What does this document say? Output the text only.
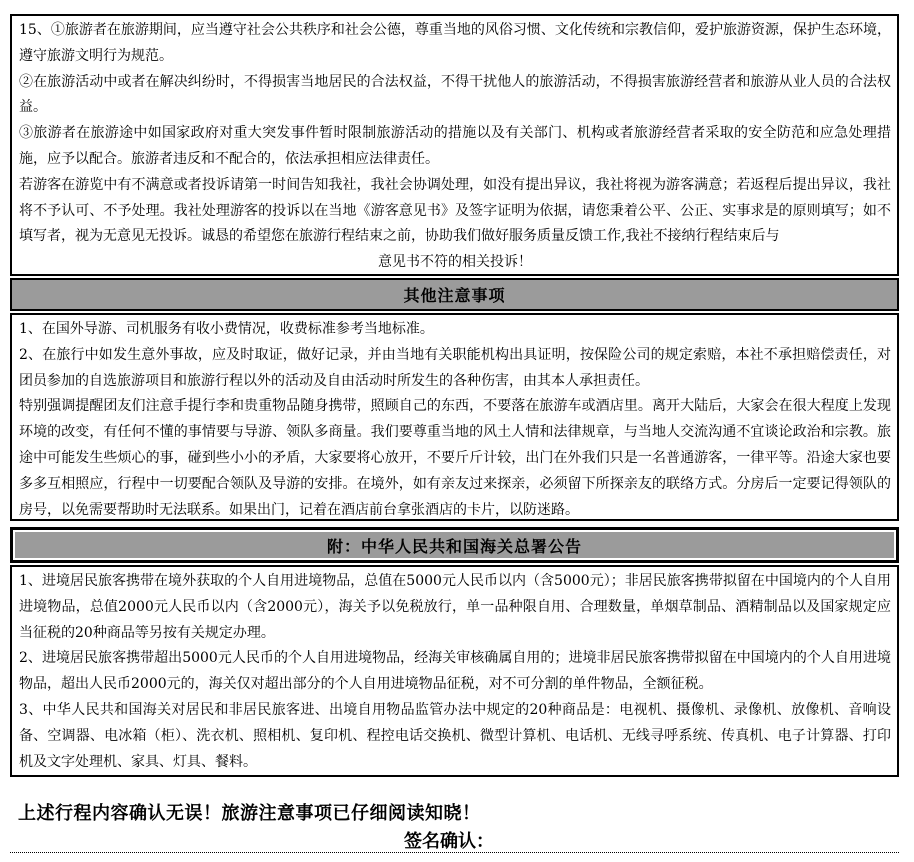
15、①旅游者在旅游期间，应当遵守社会公共秩序和社会公德，尊重当地的风俗习惯、文化传统和宗教信仰，爱护旅游资源，保护生态环境，遵守旅游文明行为规范。

②在旅游活动中或者在解决纠纷时，不得损害当地居民的合法权益，不得干扰他人的旅游活动，不得损害旅游经营者和旅游从业人员的合法权益。

③旅游者在旅游途中如国家政府对重大突发事件暂时限制旅游活动的措施以及有关部门、机构或者旅游经营者采取的安全防范和应急处理措施，应予以配合。旅游者违反和不配合的，依法承担相应法律责任。

若游客在游览中有不满意或者投诉请第一时间告知我社，我社会协调处理，如没有提出异议，我社将视为游客满意；若返程后提出异议，我社将不予认可、不予处理。我社处理游客的投诉以在当地《游客意见书》及签字证明为依据，请您秉着公平、公正、实事求是的原则填写；如不填写者，视为无意见无投诉。诚恳的希望您在旅游行程结束之前，协助我们做好服务质量反馈工作,我社不接纳行程结束后与

意见书不符的相关投诉！

其他注意事项

1、在国外导游、司机服务有收小费情况，收费标准参考当地标准。

2、在旅行中如发生意外事故，应及时取证，做好记录，并由当地有关职能机构出具证明，按保险公司的规定索赔，本社不承担赔偿责任，对团员参加的自选旅游项目和旅游行程以外的活动及自由活动时所发生的各种伤害，由其本人承担责任。

特别强调提醒团友们注意手提行李和贵重物品随身携带，照顾自己的东西，不要落在旅游车或酒店里。离开大陆后，大家会在很大程度上发现环境的改变，有任何不懂的事情要与导游、领队多商量。我们要尊重当地的风土人情和法律规章，与当地人交流沟通不宜谈论政治和宗教。旅途中可能发生些烦心的事，碰到些小小的矛盾，大家要将心放开，不要斤斤计较，出门在外我们只是一名普通游客，一律平等。沿途大家也要多多互相照应，行程中一切要配合领队及导游的安排。在境外，如有亲友过来探亲，必须留下所探亲友的联络方式。分房后一定要记得领队的房号，以免需要帮助时无法联系。如果出门，记着在酒店前台拿张酒店的卡片，以防迷路。

附：中华人民共和国海关总署公告

1、进境居民旅客携带在境外获取的个人自用进境物品，总值在5000元人民币以内（含5000元）；非居民旅客携带拟留在中国境内的个人自用进境物品，总值2000元人民币以内（含2000元），海关予以免税放行，单一品种限自用、合理数量，单烟草制品、酒精制品以及国家规定应当征税的20种商品等另按有关规定办理。

2、进境居民旅客携带超出5000元人民币的个人自用进境物品，经海关审核确属自用的；进境非居民旅客携带拟留在中国境内的个人自用进境物品，超出人民币2000元的，海关仅对超出部分的个人自用进境物品征税，对不可分割的单件物品，全额征税。

3、中华人民共和国海关对居民和非居民旅客进、出境自用物品监管办法中规定的20种商品是：电视机、摄像机、录像机、放像机、音响设备、空调器、电冰箱（柜）、洗衣机、照相机、复印机、程控电话交换机、微型计算机、电话机、无线寻呼系统、传真机、电子计算器、打印机及文字处理机、家具、灯具、餐料。

上述行程内容确认无误！旅游注意事项已仔细阅读知晓！
签名确认：
